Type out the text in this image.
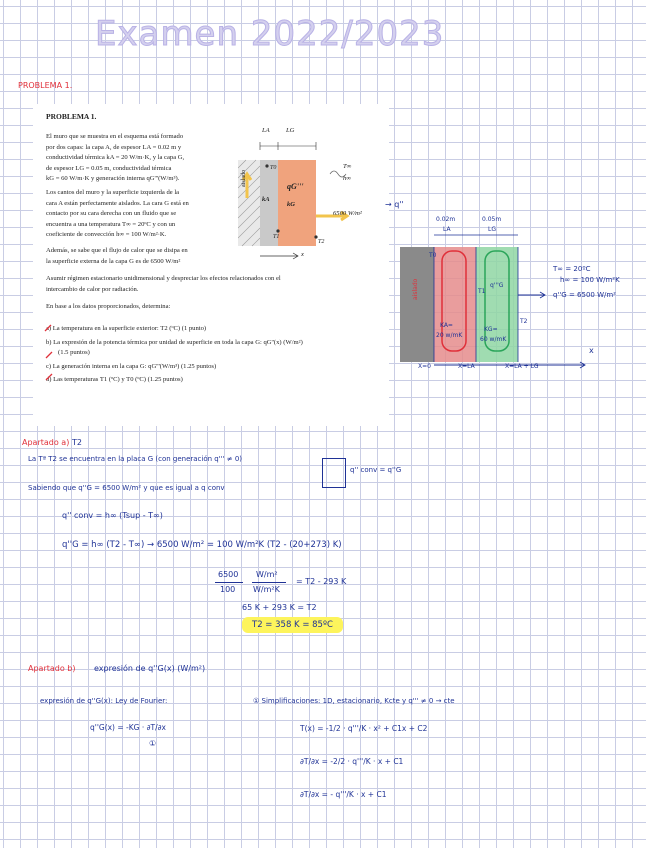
Examen 2022/2023
PROBLEMA 1.
PROBLEMA 1.
El muro que se muestra en el esquema está formado
por dos capas: la capa A, de espesor LA = 0.02 m y
conductividad térmica kA = 20 W/m·K, y la capa G,
de espesor LG = 0.05 m, conductividad térmica
kG = 60 W/m·K y generación interna qG'''(W/m³).
Los cantos del muro y la superficie izquierda de la
cara A están perfectamente aislados. La cara G está en
contacto por su cara derecha con un fluido que se
encuentra a una temperatura T∞ = 20ºC y con un
coeficiente de convección h∞ = 100 W/m²·K.
Además, se sabe que el flujo de calor que se disipa en
la superficie externa de la capa G es de 6500 W/m²
Asumir régimen estacionario unidimensional y despreciar los efectos relacionados con el
intercambio de calor por radiación.
En base a los datos proporcionados, determina:
a) La temperatura en la superficie exterior: T2 (ºC) (1 punto)
b) La expresión de la potencia térmica por unidad de superficie en toda la capa G: qG''(x) (W/m²)
(1.5 puntos)
c) La generación interna en la capa G: qG'''(W/m³) (1.25 puntos)
d) Las temperaturas T1 (ºC) y T0 (ºC) (1.25 puntos)
LA LG
aislado
T0
kA
qG'''
kG
T1
T2
T∞
h∞
6500 W/m²
x
→ q''
0.02m
LA
0.05m
LG
T0
T1
T2
aislado
KA=
20 w/mK
KG=
60 w/mK
q'''G
T∞ = 20ºC
h∞ = 100 W/m²K
q''G = 6500 W/m²
X=0	X=LA	X=LA + LG
x
Apartado a) T2
La Tª T2 se encuentra en la placa G (con generación q''' ≠ 0)
q'' conv = q''G
Sabiendo que q''G = 6500 W/m² y que es igual a q conv
q'' conv = h∞ (Tsup - T∞)
q''G = h∞ (T2 - T∞) → 6500 W/m² = 100 W/m²K (T2 - (20+273) K)
6500
100
W/m²
W/m²K
= T2 - 293 K
65 K + 293 K = T2
T2 = 358 K = 85ºC
Apartado b) expresión de q''G(x) (W/m²)
expresión de q''G(x): Ley de Fourier:
q''G(x) = -KG · ∂T/∂x
①
① Simplificaciones: 1D, estacionario, Kcte y q''' ≠ 0 → cte
T(x) = -1/2 · q'''/K · x² + C1x + C2
∂T/∂x = -2/2 · q'''/K · x + C1
∂T/∂x = - q'''/K · x + C1
